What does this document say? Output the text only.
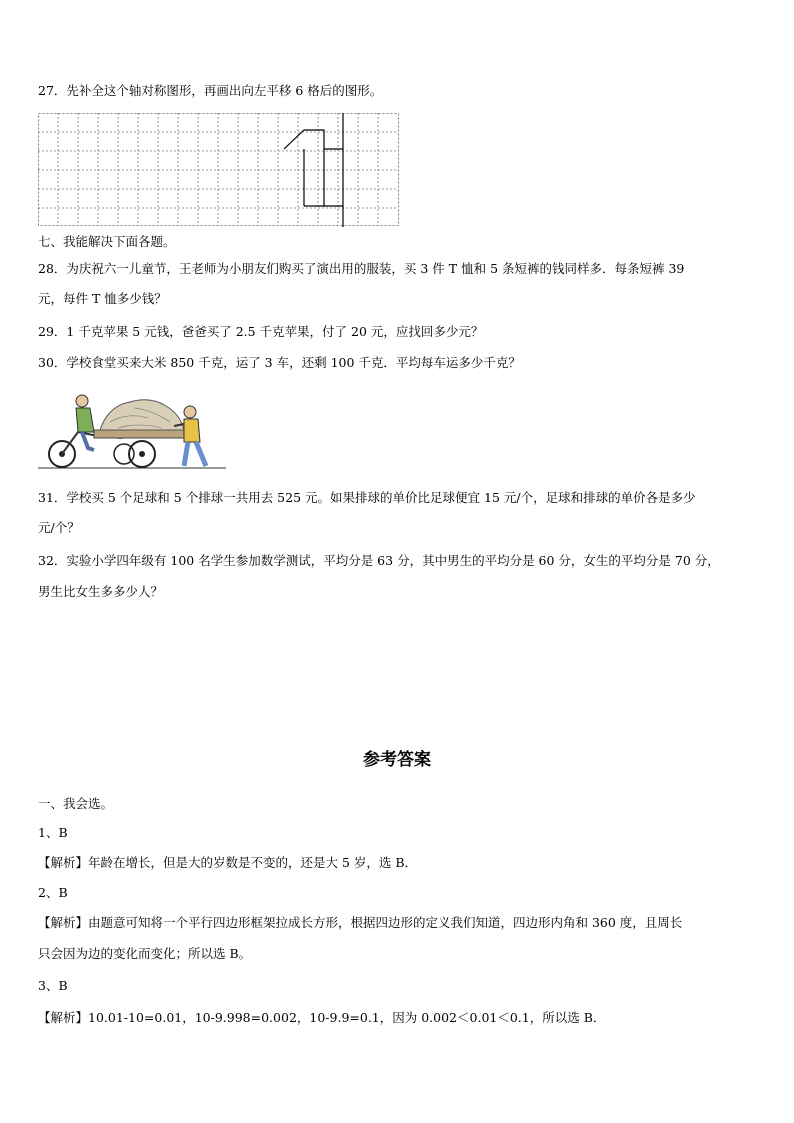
27．先补全这个轴对称图形，再画出向左平移 6 格后的图形。
七、我能解决下面各题。
28．为庆祝六一儿童节，王老师为小朋友们购买了演出用的服装，买 3 件 T 恤和 5 条短裤的钱同样多．每条短裤 39
元，每件 T 恤多少钱？
29．1 千克苹果 5 元钱，爸爸买了 2.5 千克苹果，付了 20 元，应找回多少元？
30．学校食堂买来大米 850 千克，运了 3 车，还剩 100 千克．平均每车运多少千克？
31．学校买 5 个足球和 5 个排球一共用去 525 元。如果排球的单价比足球便宜 15 元/个，足球和排球的单价各是多少
元/个？
32．实验小学四年级有 100 名学生参加数学测试，平均分是 63 分，其中男生的平均分是 60 分，女生的平均分是 70 分，
男生比女生多多少人？
参考答案
一、我会选。
1、B
【解析】年龄在增长，但是大的岁数是不变的，还是大 5 岁，选 B．
2、B
【解析】由题意可知将一个平行四边形框架拉成长方形，根据四边形的定义我们知道，四边形内角和 360 度，且周长
只会因为边的变化而变化；所以选 B。
3、B
【解析】10.01-10=0.01，10-9.998=0.002，10-9.9=0.1，因为 0.002＜0.01＜0.1，所以选 B．
